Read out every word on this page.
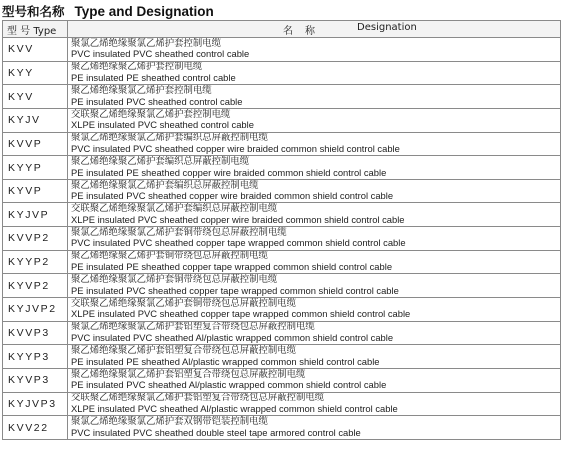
型号和名称 Type and Designation
型 号 Type	名称 Designation

KVV	聚氯乙烯绝缘聚氯乙烯护套控制电缆
PVC insulated PVC sheathed control cable

KYY	聚乙烯绝缘聚乙烯护套控制电缆
PE insulated PE sheathed control cable

KYV	聚乙烯绝缘聚氯乙烯护套控制电缆
PE insulated PVC sheathed control cable

KYJV	交联聚乙烯绝缘聚氯乙烯护套控制电缆
XLPE insulated PVC sheathed control cable

KVVP	聚氯乙烯绝缘聚氯乙烯护套编织总屏蔽控制电缆
PVC insulated PVC sheathed copper wire braided common shield control cable

KYYP	聚乙烯绝缘聚乙烯护套编织总屏蔽控制电缆
PE insulated PE sheathed copper wire braided common shield control cable

KYVP	聚乙烯绝缘聚氯乙烯护套编织总屏蔽控制电缆
PE insulated PVC sheathed copper wire braided common shield control cable

KYJVP	交联聚乙烯绝缘聚氯乙烯护套编织总屏蔽控制电缆
XLPE insulated PVC sheathed copper wire braided common shield control cable

KVVP2	聚氯乙烯绝缘聚氯乙烯护套铜带绕包总屏蔽控制电缆
PVC insulated PVC sheathed copper tape wrapped common shield control cable

KYYP2	聚乙烯绝缘聚乙烯护套铜带绕包总屏蔽控制电缆
PE insulated PE sheathed copper tape wrapped common shield control cable

KYVP2	聚乙烯绝缘聚氯乙烯护套铜带绕包总屏蔽控制电缆
PE insulated PVC sheathed copper tape wrapped common shield control cable

KYJVP2	交联聚乙烯绝缘聚氯乙烯护套铜带绕包总屏蔽控制电缆
XLPE insulated PVC sheathed copper tape wrapped common shield control cable

KVVP3	聚氯乙烯绝缘聚氯乙烯护套铝塑复合带绕包总屏蔽控制电缆
PVC insulated PVC sheathed Al/plastic wrapped common shield control cable

KYYP3	聚乙烯绝缘聚乙烯护套铝塑复合带绕包总屏蔽控制电缆
PE insulated PE sheathed Al/plastic wrapped common shield control cable

KYVP3	聚乙烯绝缘聚氯乙烯护套铝塑复合带绕包总屏蔽控制电缆
PE insulated PVC sheathed Al/plastic wrapped common shield control cable

KYJVP3	交联聚乙烯绝缘聚氯乙烯护套铝塑复合带绕包总屏蔽控制电缆
XLPE insulated PVC sheathed Al/plastic wrapped common shield control cable

KVV22	聚氯乙烯绝缘聚氯乙烯护套双钢带铠装控制电缆
PVC insulated PVC sheathed double steel tape armored control cable
